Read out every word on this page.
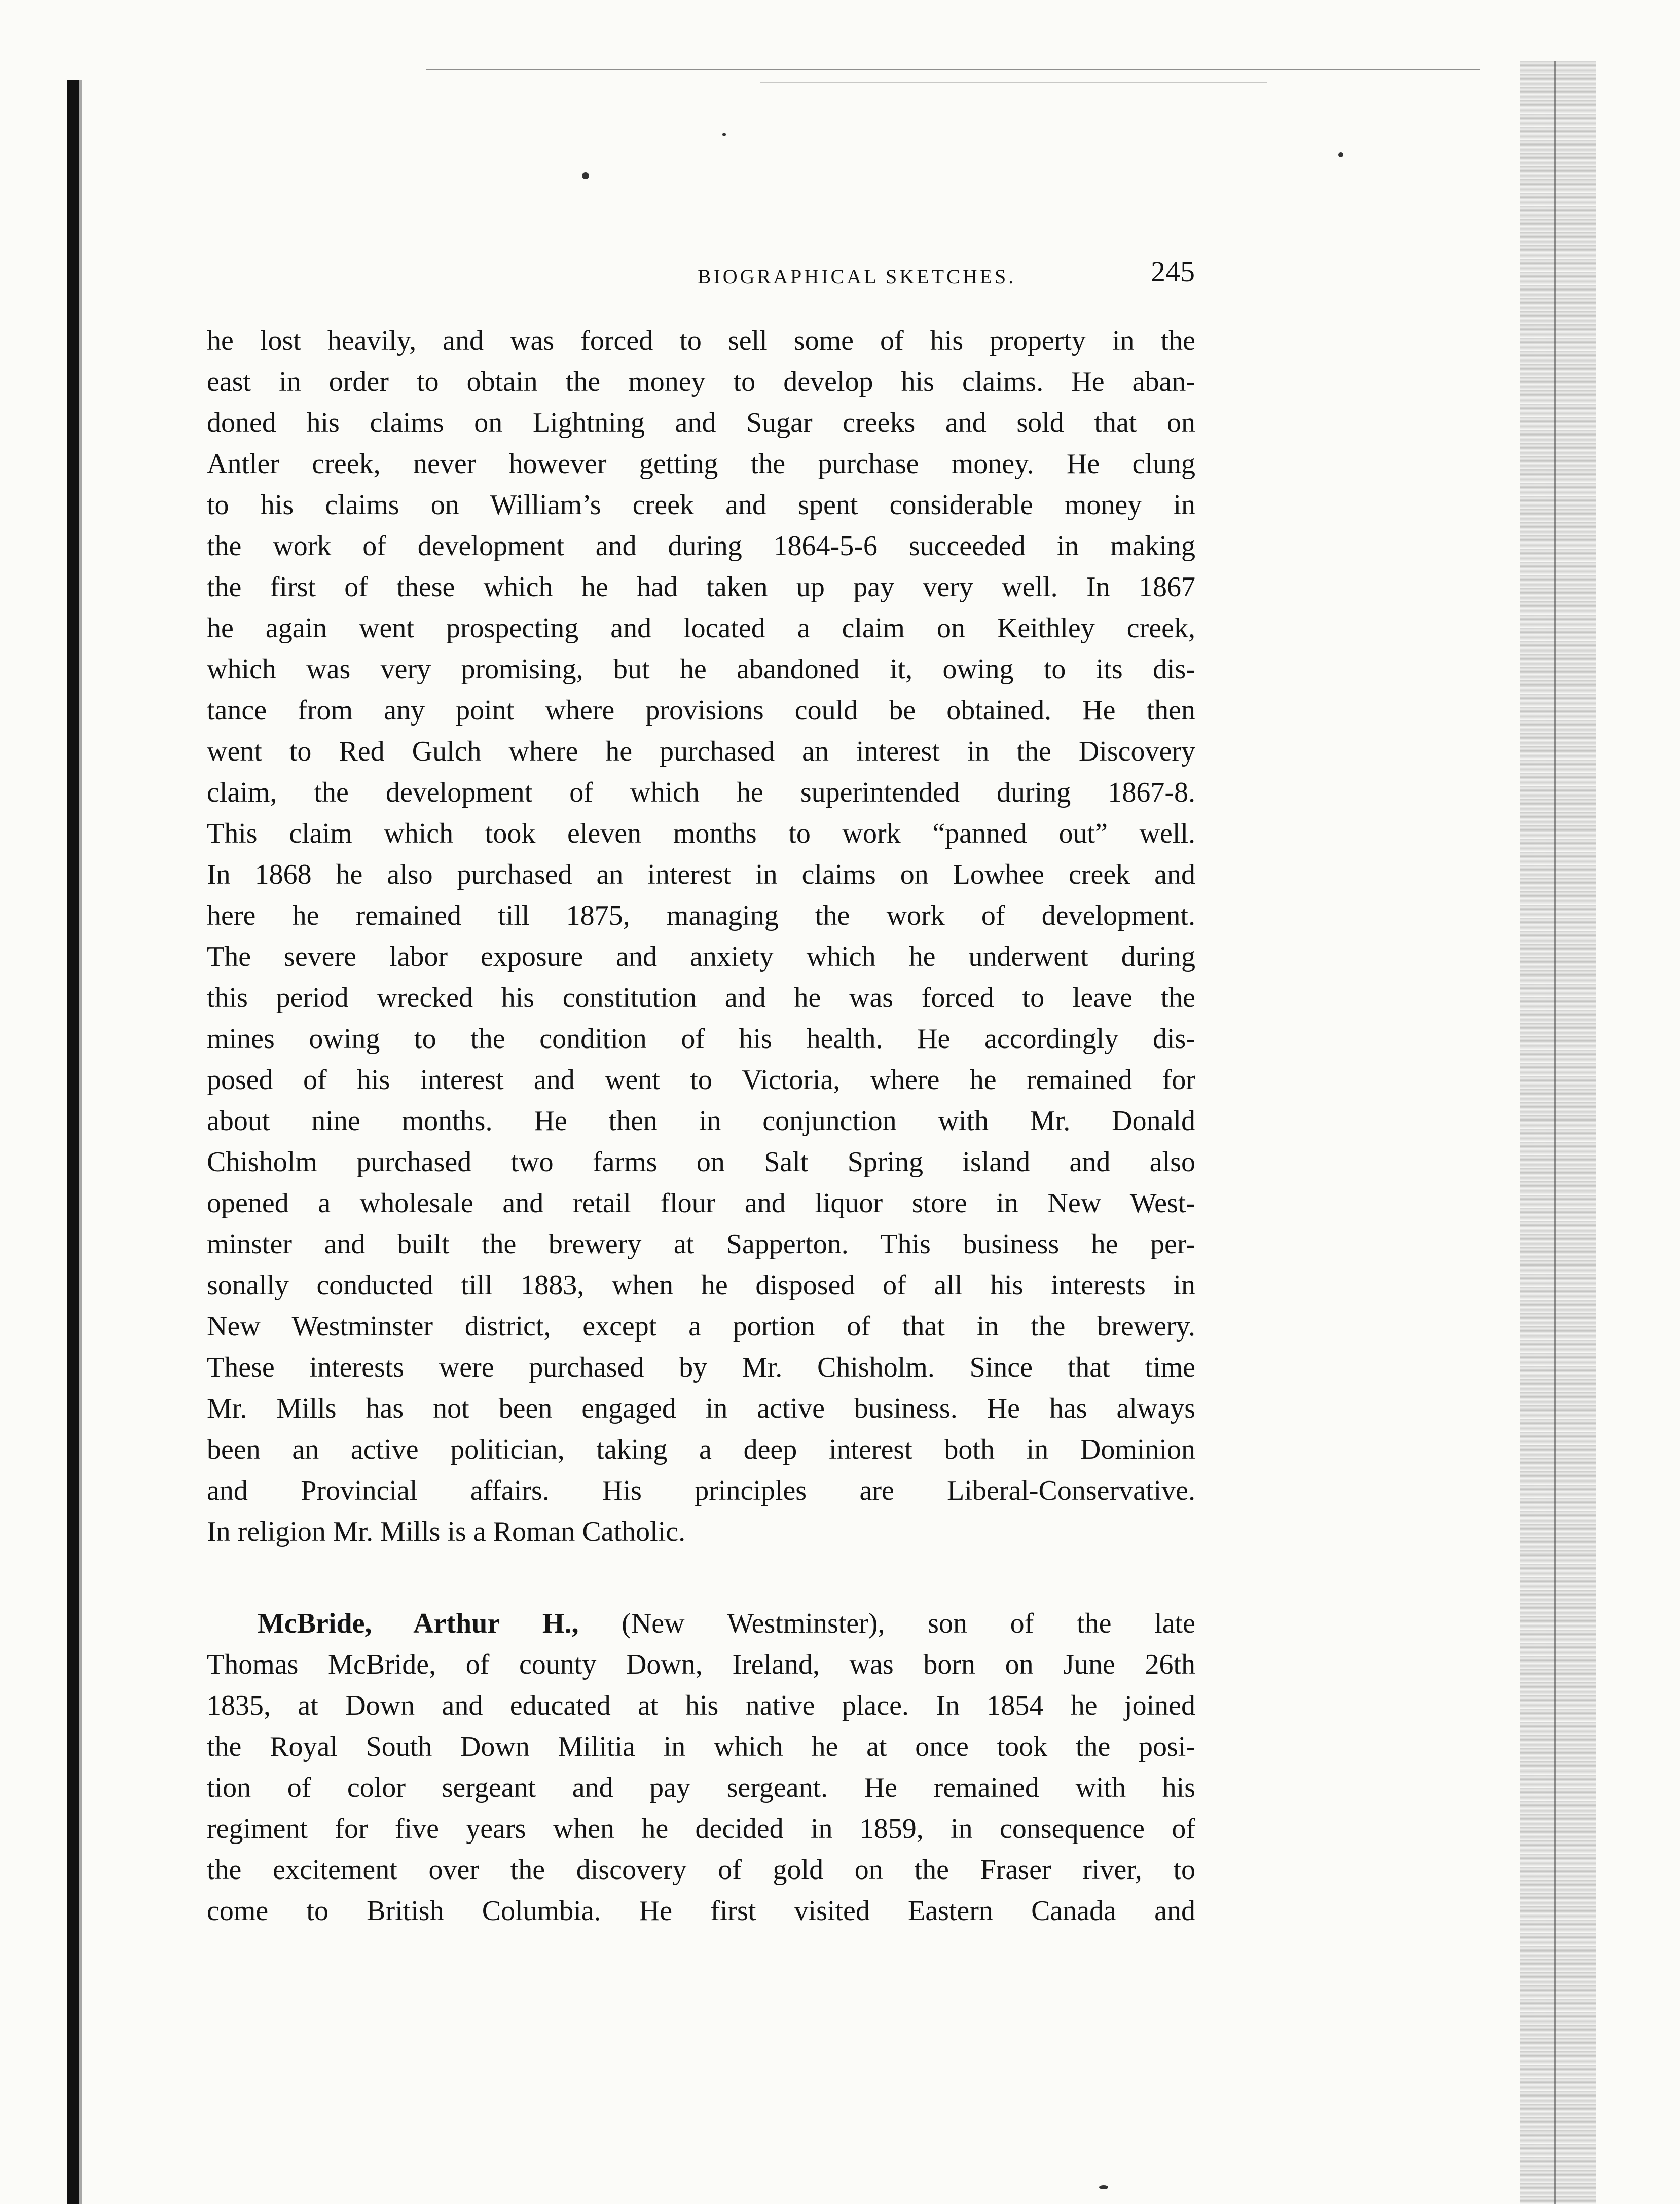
BIOGRAPHICAL SKETCHES.	245
he lost heavily, and was forced to sell some of his property in the
east in order to obtain the money to develop his claims. He aban-
doned his claims on Lightning and Sugar creeks and sold that on
Antler creek, never however getting the purchase money. He clung
to his claims on William’s creek and spent considerable money in
the work of development and during 1864-5-6 succeeded in making
the first of these which he had taken up pay very well. In 1867
he again went prospecting and located a claim on Keithley creek,
which was very promising, but he abandoned it, owing to its dis-
tance from any point where provisions could be obtained. He then
went to Red Gulch where he purchased an interest in the Discovery
claim, the development of which he superintended during 1867-8.
This claim which took eleven months to work “panned out” well.
In 1868 he also purchased an interest in claims on Lowhee creek and
here he remained till 1875, managing the work of development.
The severe labor exposure and anxiety which he underwent during
this period wrecked his constitution and he was forced to leave the
mines owing to the condition of his health. He accordingly dis-
posed of his interest and went to Victoria, where he remained for
about nine months. He then in conjunction with Mr. Donald
Chisholm purchased two farms on Salt Spring island and also
opened a wholesale and retail flour and liquor store in New West-
minster and built the brewery at Sapperton. This business he per-
sonally conducted till 1883, when he disposed of all his interests in
New Westminster district, except a portion of that in the brewery.
These interests were purchased by Mr. Chisholm. Since that time
Mr. Mills has not been engaged in active business. He has always
been an active politician, taking a deep interest both in Dominion
and Provincial affairs. His principles are Liberal-Conservative.
In religion Mr. Mills is a Roman Catholic.
McBride, Arthur H., (New Westminster), son of the late
Thomas McBride, of county Down, Ireland, was born on June 26th
1835, at Down and educated at his native place. In 1854 he joined
the Royal South Down Militia in which he at once took the posi-
tion of color sergeant and pay sergeant. He remained with his
regiment for five years when he decided in 1859, in consequence of
the excitement over the discovery of gold on the Fraser river, to
come to British Columbia. He first visited Eastern Canada and
